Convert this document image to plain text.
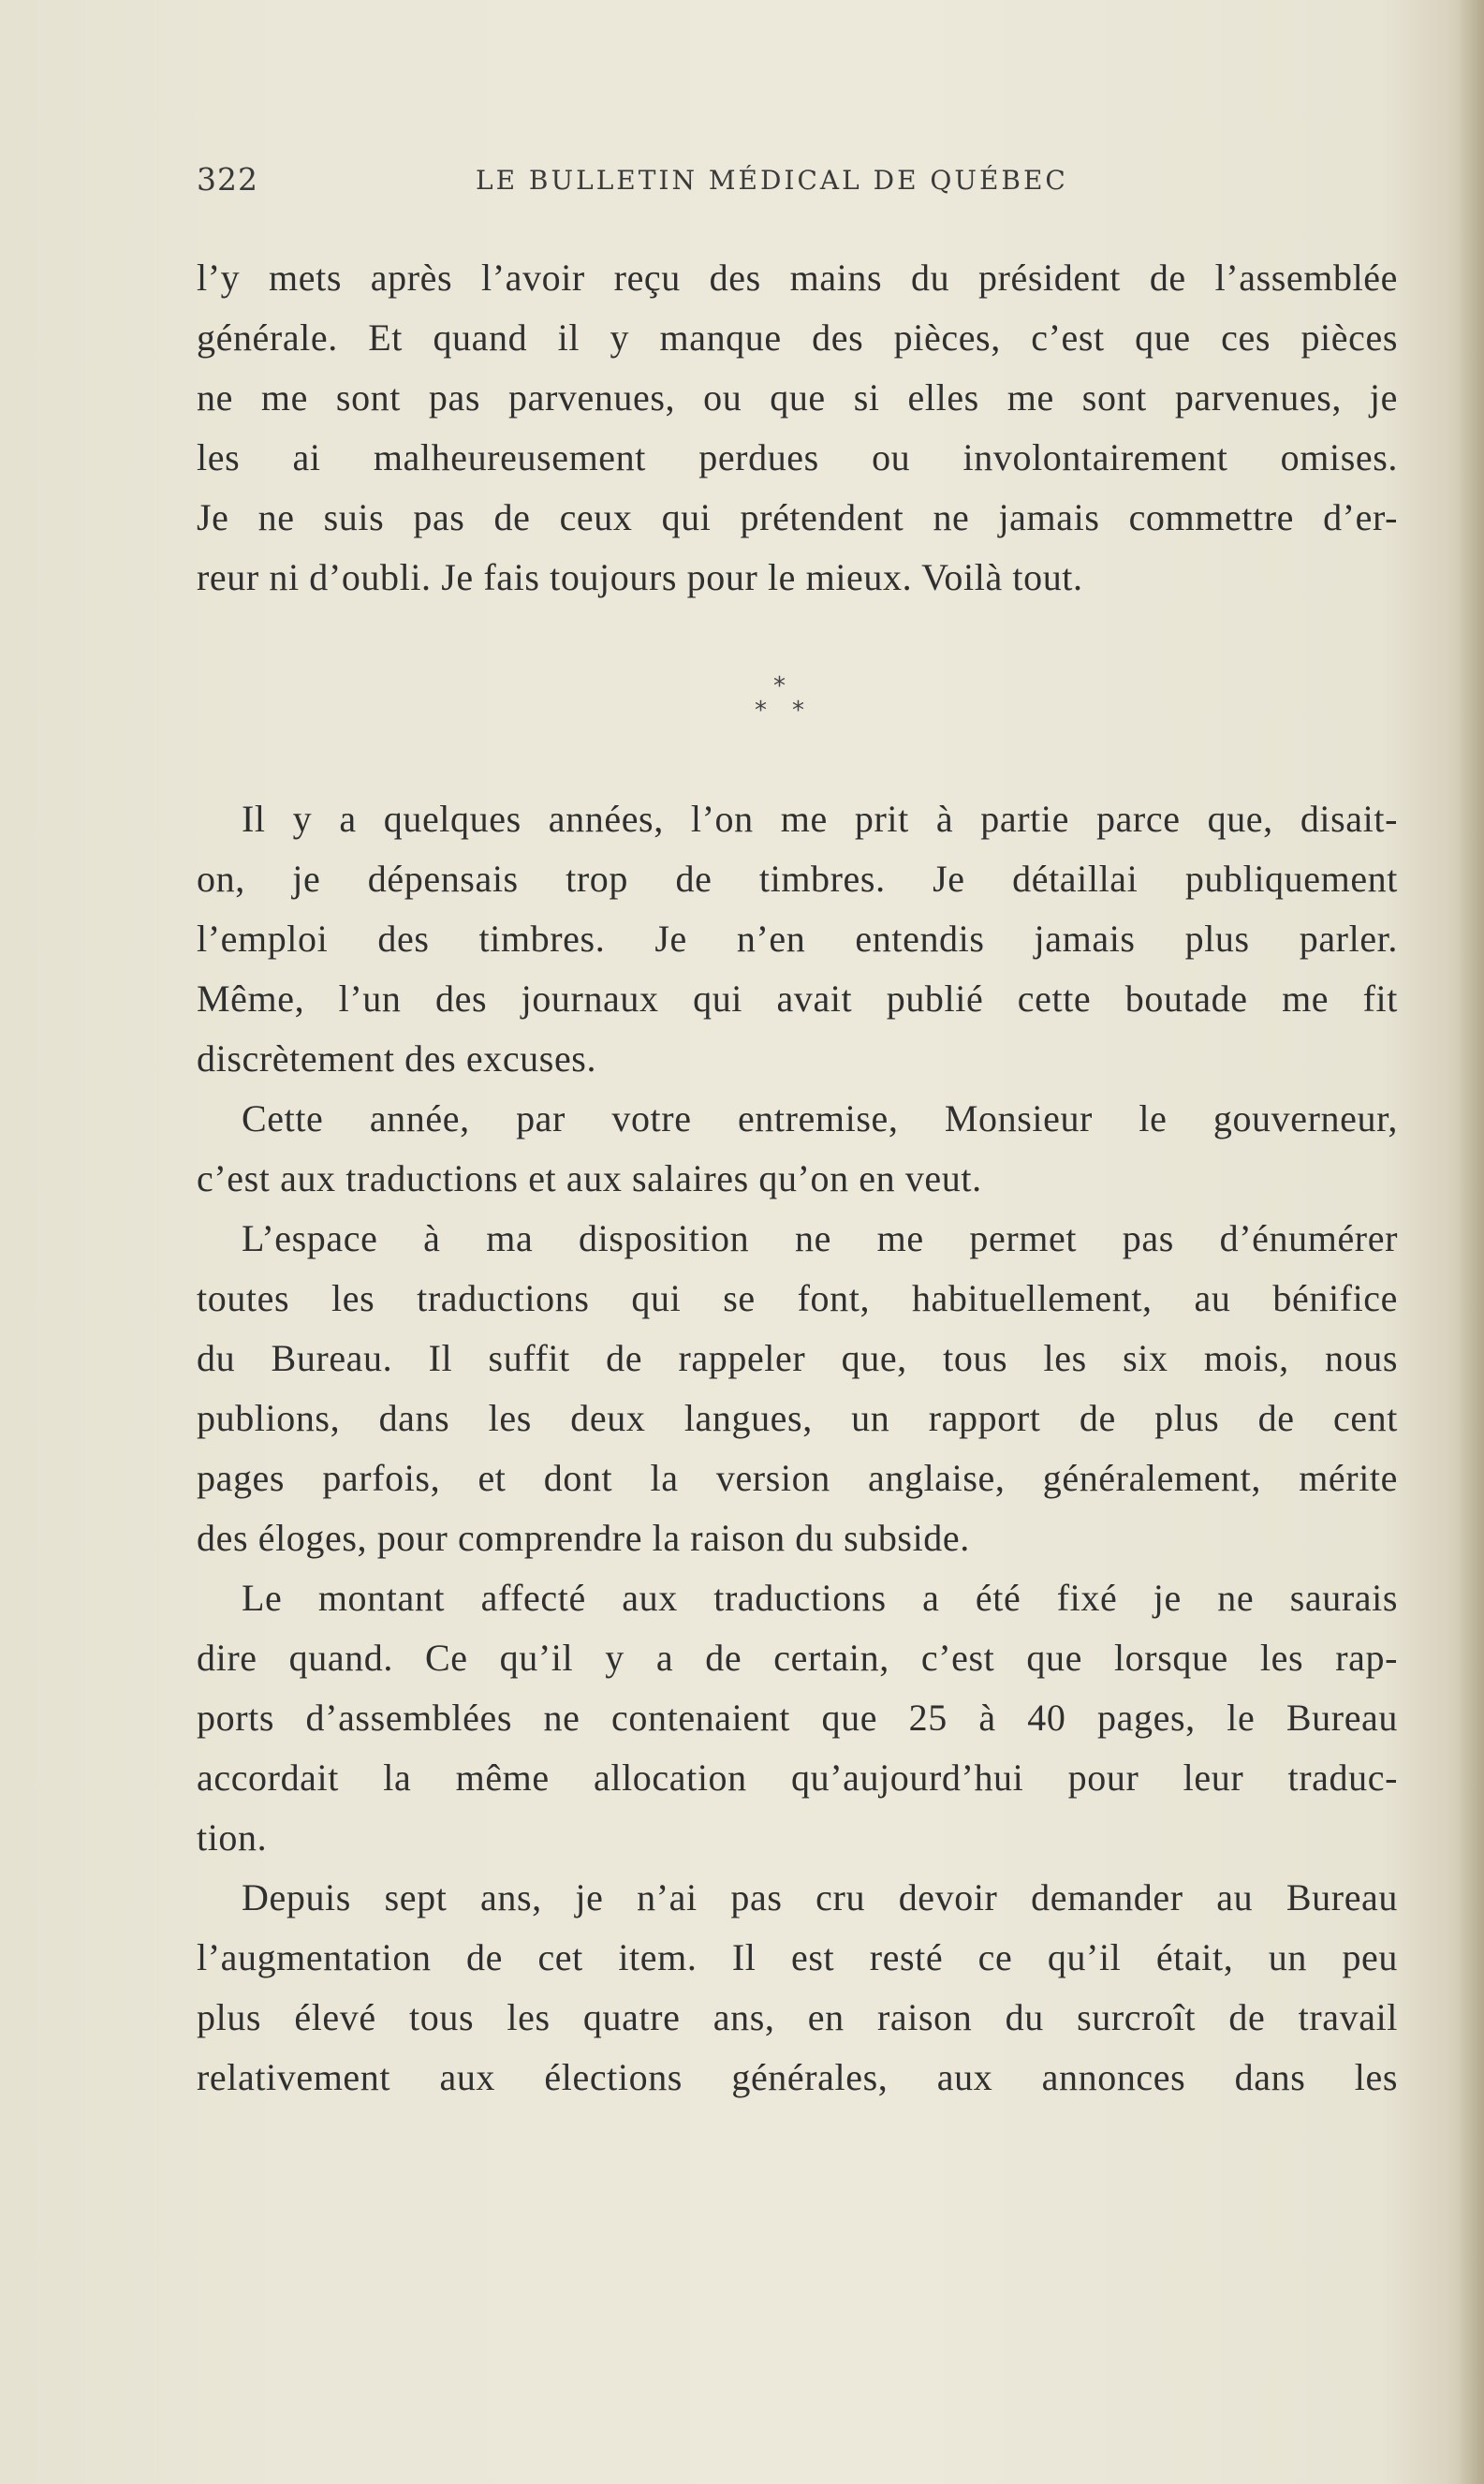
322	LE BULLETIN MÉDICAL DE QUÉBEC
l’y mets après l’avoir reçu des mains du président de l’assemblée
générale. Et quand il y manque des pièces, c’est que ces pièces
ne me sont pas parvenues, ou que si elles me sont parvenues, je
les ai malheureusement perdues ou involontairement omises.
Je ne suis pas de ceux qui prétendent ne jamais commettre d’er-
reur ni d’oubli. Je fais toujours pour le mieux. Voilà tout.
*
* *
Il y a quelques années, l’on me prit à partie parce que, disait-
on, je dépensais trop de timbres. Je détaillai publiquement
l’emploi des timbres. Je n’en entendis jamais plus parler.
Même, l’un des journaux qui avait publié cette boutade me fit
discrètement des excuses.
Cette année, par votre entremise, Monsieur le gouverneur,
c’est aux traductions et aux salaires qu’on en veut.
L’espace à ma disposition ne me permet pas d’énumérer
toutes les traductions qui se font, habituellement, au bénifice
du Bureau. Il suffit de rappeler que, tous les six mois, nous
publions, dans les deux langues, un rapport de plus de cent
pages parfois, et dont la version anglaise, généralement, mérite
des éloges, pour comprendre la raison du subside.
Le montant affecté aux traductions a été fixé je ne saurais
dire quand. Ce qu’il y a de certain, c’est que lorsque les rap-
ports d’assemblées ne contenaient que 25 à 40 pages, le Bureau
accordait la même allocation qu’aujourd’hui pour leur traduc-
tion.
Depuis sept ans, je n’ai pas cru devoir demander au Bureau
l’augmentation de cet item. Il est resté ce qu’il était, un peu
plus élevé tous les quatre ans, en raison du surcroît de travail
relativement aux élections générales, aux annonces dans les
